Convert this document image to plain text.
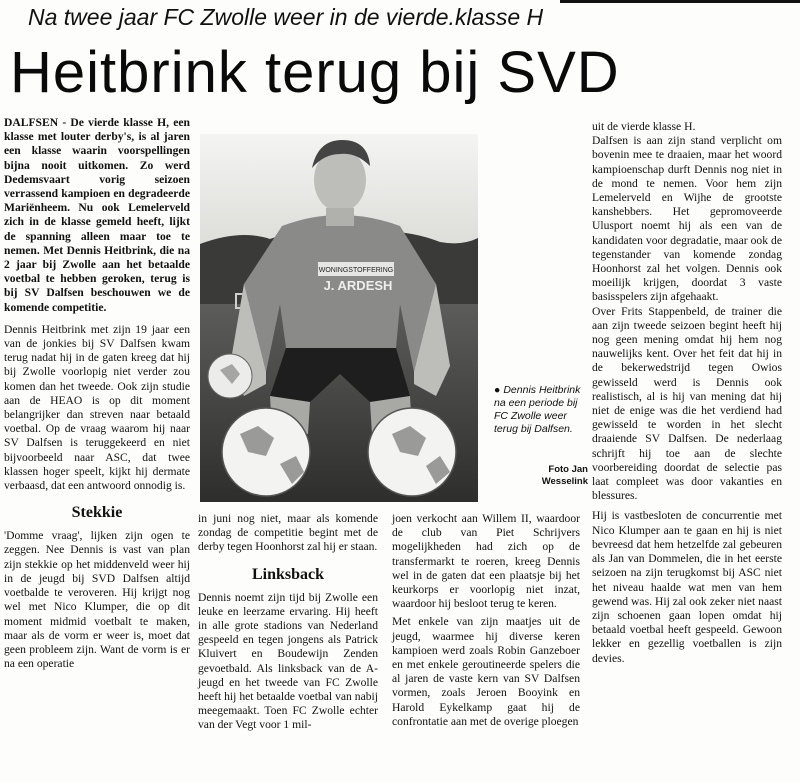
Na twee jaar FC Zwolle weer in de vierde.klasse H
Heitbrink terug bij SVD

DALFSEN - De vierde klasse H, een klasse met louter derby's, is al jaren een klasse waarin voorspellingen bijna nooit uitkomen. Zo werd Dedemsvaart vorig seizoen verrassend kampioen en degradeerde Mariënheem. Nu ook Lemelerveld zich in de klasse gemeld heeft, lijkt de spanning alleen maar toe te nemen. Met Dennis Heitbrink, die na 2 jaar bij Zwolle aan het betaalde voetbal te hebben geroken, terug is bij SV Dalfsen beschouwen we de komende competitie.

Dennis Heitbrink met zijn 19 jaar een van de jonkies bij SV Dalfsen kwam terug nadat hij in de gaten kreeg dat hij bij Zwolle voorlopig niet verder zou komen dan het tweede. Ook zijn studie aan de HEAO is op dit moment belangrijker dan streven naar betaald voetbal. Op de vraag waarom hij naar SV Dalfsen is teruggekeerd en niet bijvoorbeeld naar ASC, dat twee klassen hoger speelt, kijkt hij dermate verbaasd, dat een antwoord onnodig is.

Stekkie

'Domme vraag', lijken zijn ogen te zeggen. Nee Dennis is vast van plan zijn stekkie op het middenveld weer hij in de jeugd bij SVD Dalfsen altijd voetbalde te veroveren. Hij krijgt nog wel met Nico Klumper, die op dit moment midmid voetbalt te maken, maar als de vorm er weer is, moet dat geen probleem zijn. Want de vorm is er na een operatie

WONINGSTOFFERING
J. ARDESH
● Dennis Heitbrink na een periode bij FC Zwolle weer terug bij Dalfsen.
Foto Jan Wesselink

in juni nog niet, maar als komende zondag de competitie begint met de derby tegen Hoonhorst zal hij er staan.

Linksback

Dennis noemt zijn tijd bij Zwolle een leuke en leerzame ervaring. Hij heeft in alle grote stadions van Nederland gespeeld en tegen jongens als Patrick Kluivert en Boudewijn Zenden gevoetbald. Als linksback van de A-jeugd en het tweede van FC Zwolle heeft hij het betaalde voetbal van nabij meegemaakt. Toen FC Zwolle echter van der Vegt voor 1 mil-

joen verkocht aan Willem II, waardoor de club van Piet Schrijvers mogelijkheden had zich op de transfermarkt te roeren, kreeg Dennis wel in de gaten dat een plaatsje bij het keurkorps er voorlopig niet inzat, waardoor hij besloot terug te keren.

Met enkele van zijn maatjes uit de jeugd, waarmee hij diverse keren kampioen werd zoals Robin Ganzeboer en met enkele geroutineerde spelers die al jaren de vaste kern van SV Dalfsen vormen, zoals Jeroen Booyink en Harold Eykelkamp gaat hij de confrontatie aan met de overige ploegen

uit de vierde klasse H.

Dalfsen is aan zijn stand verplicht om bovenin mee te draaien, maar het woord kampioenschap durft Dennis nog niet in de mond te nemen. Voor hem zijn Lemelerveld en Wijhe de grootste kanshebbers. Het gepromoveerde Ulusport noemt hij als een van de kandidaten voor degradatie, maar ook de tegenstander van komende zondag Hoonhorst zal het volgen. Dennis ook moeilijk krijgen, doordat 3 vaste basisspelers zijn afgehaakt.

Over Frits Stappenbeld, de trainer die aan zijn tweede seizoen begint heeft hij nog geen mening omdat hij hem nog nauwelijks kent. Over het feit dat hij in de bekerwedstrijd tegen Owios gewisseld werd is Dennis ook realistisch, al is hij van mening dat hij niet de enige was die het verdiend had gewisseld te worden in het slecht draaiende SV Dalfsen. De nederlaag schrijft hij toe aan de slechte voorbereiding doordat de selectie pas laat compleet was door vakanties en blessures.

Hij is vastbesloten de concurrentie met Nico Klumper aan te gaan en hij is niet bevreesd dat hem hetzelfde zal gebeuren als Jan van Dommelen, die in het eerste seizoen na zijn terugkomst bij ASC niet het niveau haalde wat men van hem gewend was. Hij zal ook zeker niet naast zijn schoenen gaan lopen omdat hij betaald voetbal heeft gespeeld. Gewoon lekker en gezellig voetballen is zijn devies.
